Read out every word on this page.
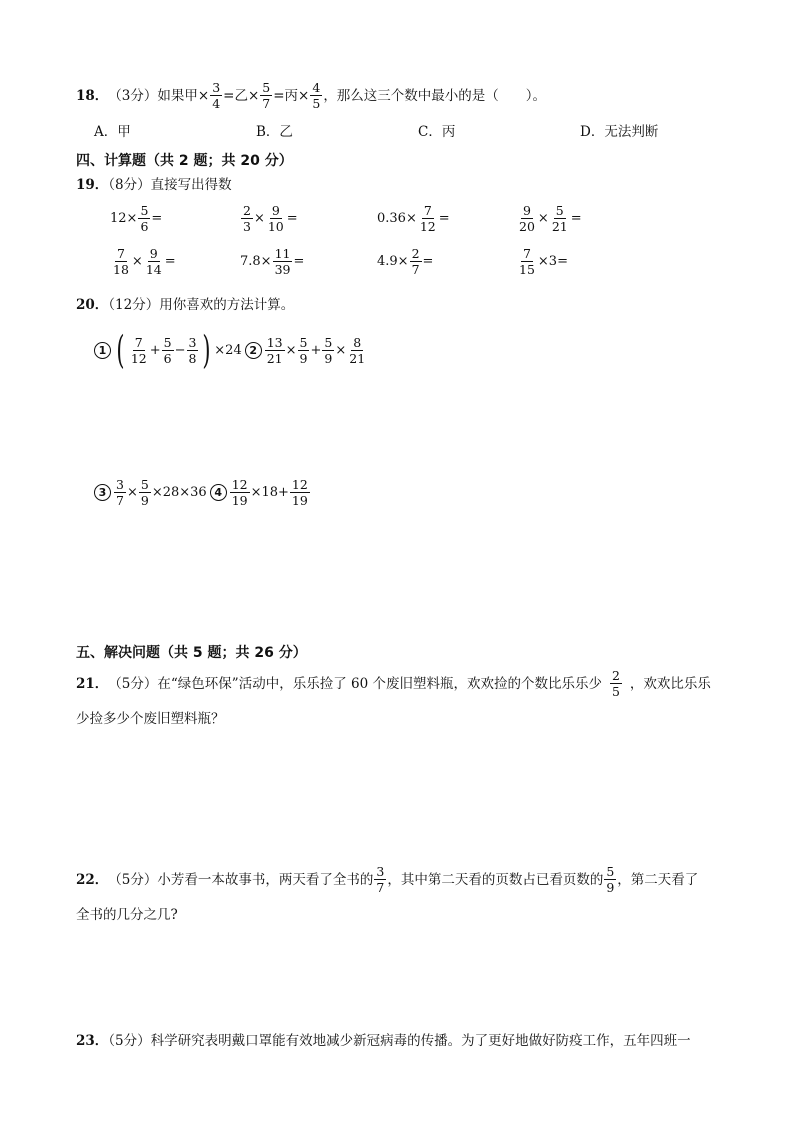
18． （3分） 如果甲× $\frac{3}{4}$ =乙× $\frac{5}{7}$ =丙× $\frac{4}{5}$ ，那么这三个数中最小的是（　　）。
A．甲	B．乙	C．丙	D．无法判断
四、计算题（共 2 题；共 20 分）
19．（8分）直接写出得数
$12\times \frac{5}{6}$ =	$\frac{2}{3} \times \frac{9}{10}$ =	$0.36\times \frac{7}{12}$ =	$\frac{9}{20} \times \frac{5}{21}$ =
$\frac{7}{18} \times \frac{9}{14}$ =	$7.8\times \frac{11}{39}$ =	$4.9\times \frac{2}{7}$ =	$\frac{7}{15} \times 3=$
20．（12分）用你喜欢的方法计算。
1 ( $\frac{7}{12} + \frac{5}{6} - \frac{3}{8}$ ) ×24 $2 \frac{13}{21} \times \frac{5}{9} + \frac{5}{9} \times \frac{8}{21}$
$3 \frac{3}{7} \times \frac{5}{9} \times 28\times 36$ $4 \frac{12}{19} \times 18+ \frac{12}{19}$
五、解决问题（共 5 题；共 26 分）
21． （5分） 在“绿色环保”活动中，乐乐捡了 60 个废旧塑料瓶，欢欢捡的个数比乐乐少 $\frac{2}{5}$ ，欢欢比乐乐
少捡多少个废旧塑料瓶？
22． （5分） 小芳看一本故事书，两天看了全书的 $\frac{3}{7}$ ，其中第二天看的页数占已看页数的 $\frac{5}{9}$ ，第二天看了
全书的几分之几?
23．（5分）科学研究表明戴口罩能有效地减少新冠病毒的传播。为了更好地做好防疫工作，五年四班一
